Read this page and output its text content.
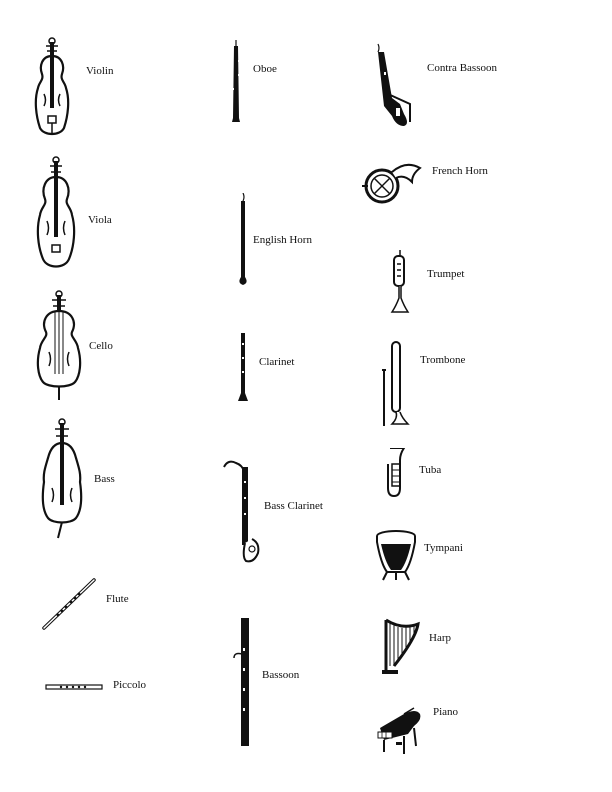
Violin
Viola
Cello
Bass
Flute
Piccolo
Oboe
English Horn
Clarinet
Bass Clarinet
Bassoon
Contra Bassoon
French Horn
Trumpet
Trombone
Tuba
Tympani
Harp
Piano
